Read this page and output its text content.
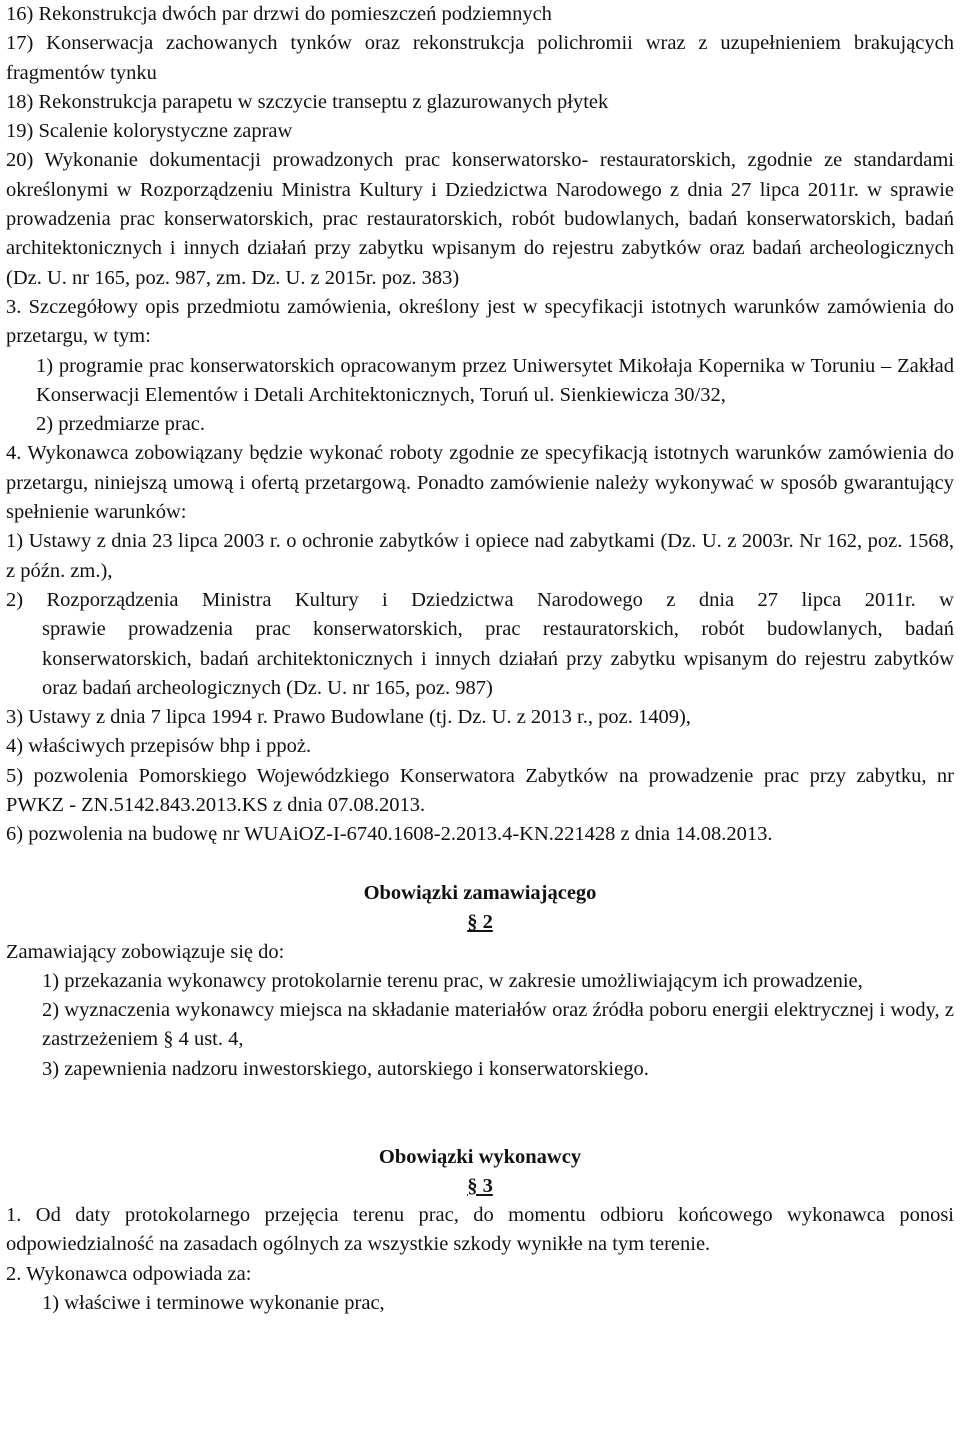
16) Rekonstrukcja dwóch par drzwi do pomieszczeń podziemnych

17) Konserwacja zachowanych tynków oraz rekonstrukcja polichromii wraz z uzupełnieniem brakujących fragmentów tynku

18) Rekonstrukcja parapetu w szczycie transeptu z glazurowanych płytek

19) Scalenie kolorystyczne zapraw

20) Wykonanie dokumentacji prowadzonych prac konserwatorsko- restauratorskich, zgodnie ze standardami określonymi w Rozporządzeniu Ministra Kultury i Dziedzictwa Narodowego z dnia 27 lipca 2011r. w sprawie prowadzenia prac konserwatorskich, prac restauratorskich, robót budowlanych, badań konserwatorskich, badań architektonicznych i innych działań przy zabytku wpisanym do rejestru zabytków oraz badań archeologicznych (Dz. U. nr 165, poz. 987, zm. Dz. U. z 2015r. poz. 383)

3. Szczegółowy opis przedmiotu zamówienia, określony jest w specyfikacji istotnych warunków zamówienia do przetargu, w tym:

1) programie prac konserwatorskich opracowanym przez Uniwersytet Mikołaja Kopernika w Toruniu – Zakład Konserwacji Elementów i Detali Architektonicznych, Toruń ul. Sienkiewicza 30/32,

2) przedmiarze prac.

4. Wykonawca zobowiązany będzie wykonać roboty zgodnie ze specyfikacją istotnych warunków zamówienia do przetargu, niniejszą umową i ofertą przetargową. Ponadto zamówienie należy wykonywać w sposób gwarantujący spełnienie warunków:

1) Ustawy z dnia 23 lipca 2003 r. o ochronie zabytków i opiece nad zabytkami (Dz. U. z 2003r. Nr 162, poz. 1568, z późn. zm.),

2) Rozporządzenia Ministra Kultury i Dziedzictwa Narodowego z dnia 27 lipca 2011r. w

sprawie prowadzenia prac konserwatorskich, prac restauratorskich, robót budowlanych, badań konserwatorskich, badań architektonicznych i innych działań przy zabytku wpisanym do rejestru zabytków oraz badań archeologicznych (Dz. U. nr 165, poz. 987)

3) Ustawy z dnia 7 lipca 1994 r. Prawo Budowlane (tj. Dz. U. z 2013 r., poz. 1409),

4) właściwych przepisów bhp i ppoż.

5) pozwolenia Pomorskiego Wojewódzkiego Konserwatora Zabytków na prowadzenie prac przy zabytku, nr PWKZ - ZN.5142.843.2013.KS z dnia 07.08.2013.

6) pozwolenia na budowę nr WUAiOZ-I-6740.1608-2.2013.4-KN.221428 z dnia 14.08.2013.

Obowiązki zamawiającego

§ 2

Zamawiający zobowiązuje się do:

1) przekazania wykonawcy protokolarnie terenu prac, w zakresie umożliwiającym ich prowadzenie,

2) wyznaczenia wykonawcy miejsca na składanie materiałów oraz źródła poboru energii elektrycznej i wody, z zastrzeżeniem § 4 ust. 4,

3) zapewnienia nadzoru inwestorskiego, autorskiego i konserwatorskiego.

Obowiązki wykonawcy

§ 3

1. Od daty protokolarnego przejęcia terenu prac, do momentu odbioru końcowego wykonawca ponosi odpowiedzialność na zasadach ogólnych za wszystkie szkody wynikłe na tym terenie.

2. Wykonawca odpowiada za:

1) właściwe i terminowe wykonanie prac,
